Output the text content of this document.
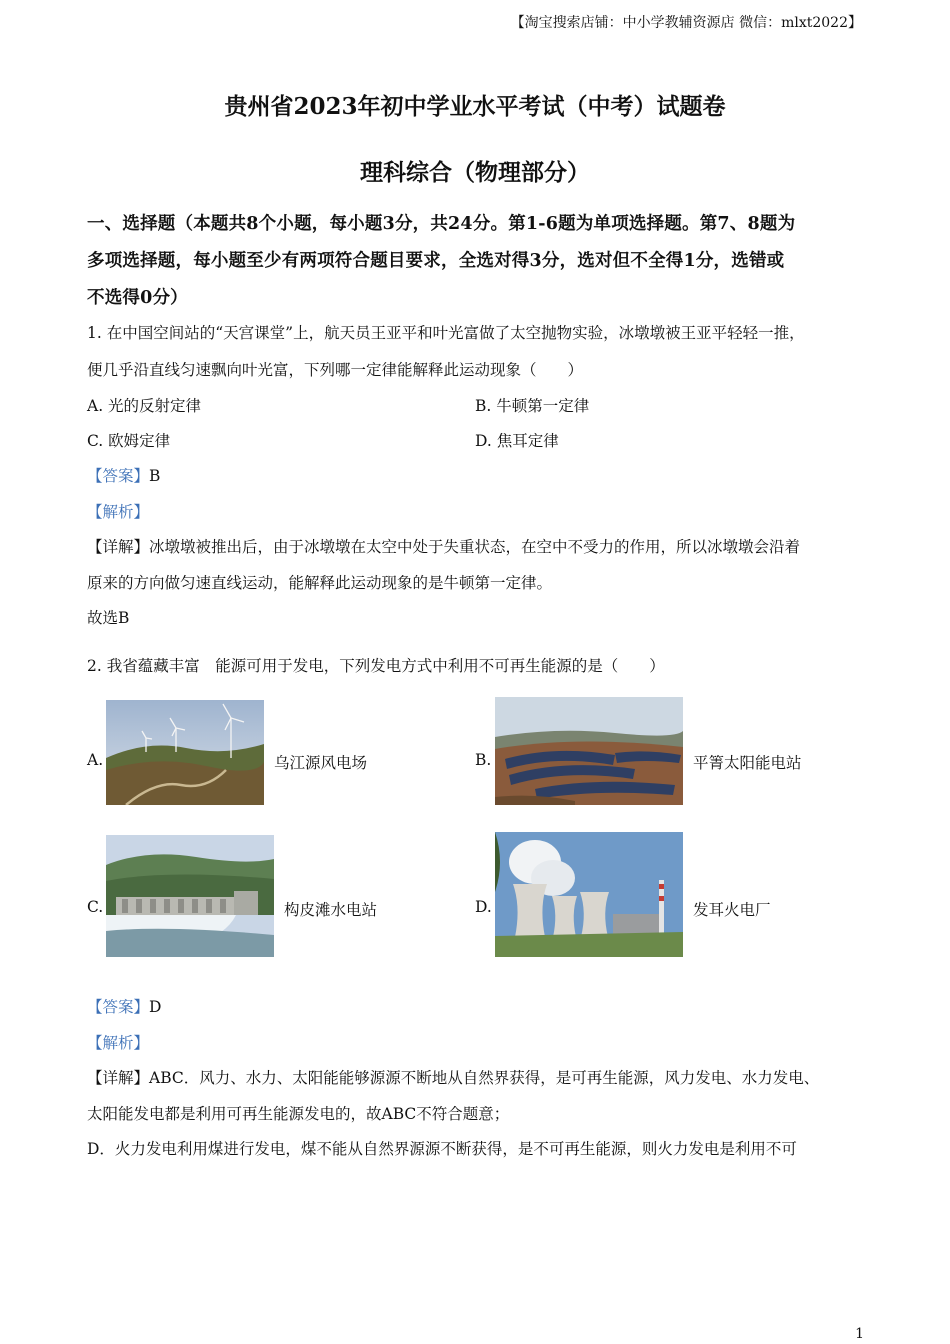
【淘宝搜索店铺：中小学教辅资源店 微信：mlxt2022】
贵州省2023年初中学业水平考试（中考）试题卷
理科综合（物理部分）
一、选择题（本题共8个小题，每小题3分，共24分。第1-6题为单项选择题。第7、8题为
多项选择题，每小题至少有两项符合题目要求，全选对得3分，选对但不全得1分，选错或
不选得0分）
1. 在中国空间站的“天宫课堂”上，航天员王亚平和叶光富做了太空抛物实验，冰墩墩被王亚平轻轻一推，
便几乎沿直线匀速飘向叶光富，下列哪一定律能解释此运动现象（　　）
A. 光的反射定律	B. 牛顿第一定律
C. 欧姆定律	D. 焦耳定律
【答案】B
【解析】
【详解】冰墩墩被推出后，由于冰墩墩在太空中处于失重状态，在空中不受力的作用，所以冰墩墩会沿着
原来的方向做匀速直线运动，能解释此运动现象的是牛顿第一定律。
故选B
2. 我省蕴藏丰富　能源可用于发电，下列发电方式中利用不可再生能源的是（　　）
A.	乌江源风电场	B.	平箐太阳能电站
C.	构皮滩水电站	D.	发耳火电厂
【答案】D
【解析】
【详解】ABC．风力、水力、太阳能能够源源不断地从自然界获得，是可再生能源，风力发电、水力发电、
太阳能发电都是利用可再生能源发电的，故ABC不符合题意；
D．火力发电利用煤进行发电，煤不能从自然界源源不断获得，是不可再生能源，则火力发电是利用不可
1
